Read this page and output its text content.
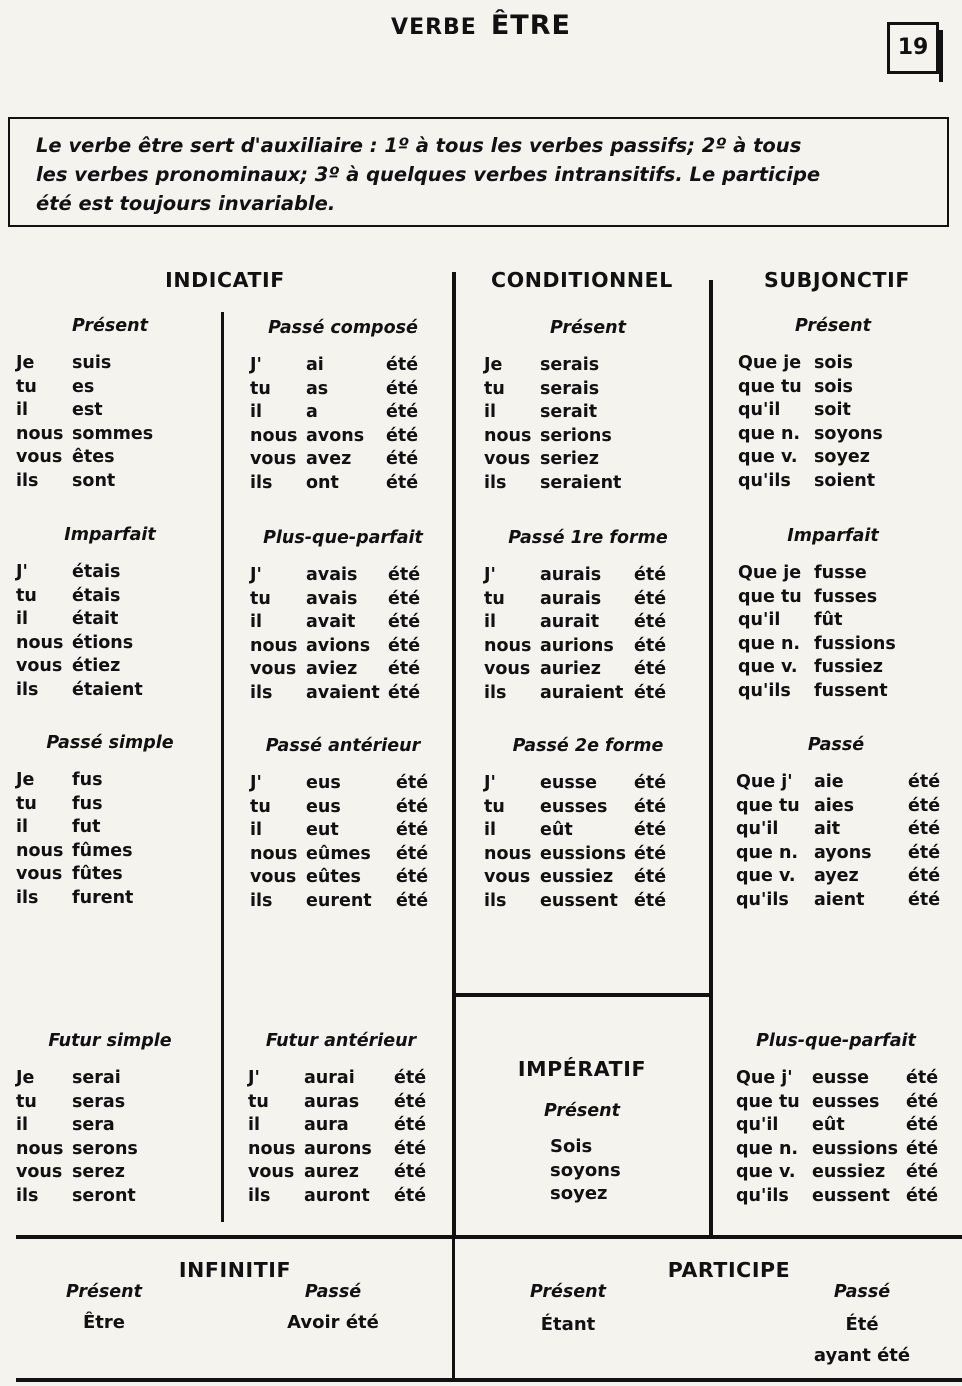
VERBE ÊTRE
19
Le verbe être sert d'auxiliaire : 1º à tous les verbes passifs; 2º à tous
les verbes pronominaux; 3º à quelques verbes intransitifs. Le participe
été est toujours invariable.
INDICATIF	CONDITIONNEL	SUBJONCTIF
IMPÉRATIF
INFINITIF	PARTICIPE
Présent
Je suis
tu es
il	est
nous sommes
vous êtes
ils sont
Imparfait
J'	étais
tu étais
il	était
nous étions
vous étiez
ils étaient
Passé simple
Je fus
tu fus
il	fut
nous fûmes
vous fûtes
ils furent
Futur simple
Je serai
tu seras
il	sera
nous serons
vous serez
ils seront
Passé composé
J'	ai	été
tu as	été
il	a	été
nous avons été
vous avez été
ils ont	été
Plus-que-parfait
J'	avais été
tu avais été
il	avait été
nous avions été
vous aviez été
ils avaient été
Passé antérieur
J'	eus	été
tu eus	été
il	eut	été
nous eûmes été
vous eûtes été
ils eurent été
Futur antérieur
J'	aurai été
tu auras été
il	aura	été
nous aurons été
vous aurez été
ils auront été
Présent
Je serais
tu serais
il	serait
nous serions
vous seriez
ils seraient
Passé 1re forme
J'	aurais été
tu aurais été
il	aurait été
nous aurions été
vous auriez été
ils auraient été
Passé 2e forme
J'	eusse été
tu eusses été
il	eût	été
nous eussions été
vous eussiez été
ils eussent été
Présent
Que je sois
que tu sois
qu'il soit
que n. soyons
que v. soyez
qu'ils soient
Imparfait
Que je fusse
que tu fusses
qu'il fût
que n. fussions
que v. fussiez
qu'ils fussent
Passé
Que j' aie	été
que tu aies	été
qu'il ait	été
que n. ayons été
que v. ayez	été
qu'ils aient été
Plus-que-parfait
Que j' eusse été
que tu eusses été
qu'il eût	été
que n. eussions été
que v. eussiez été
qu'ils eussent été
Présent
Sois
soyons
soyez
Présent
Être
Passé
Avoir été
Présent
Étant
Passé
Été
ayant été
